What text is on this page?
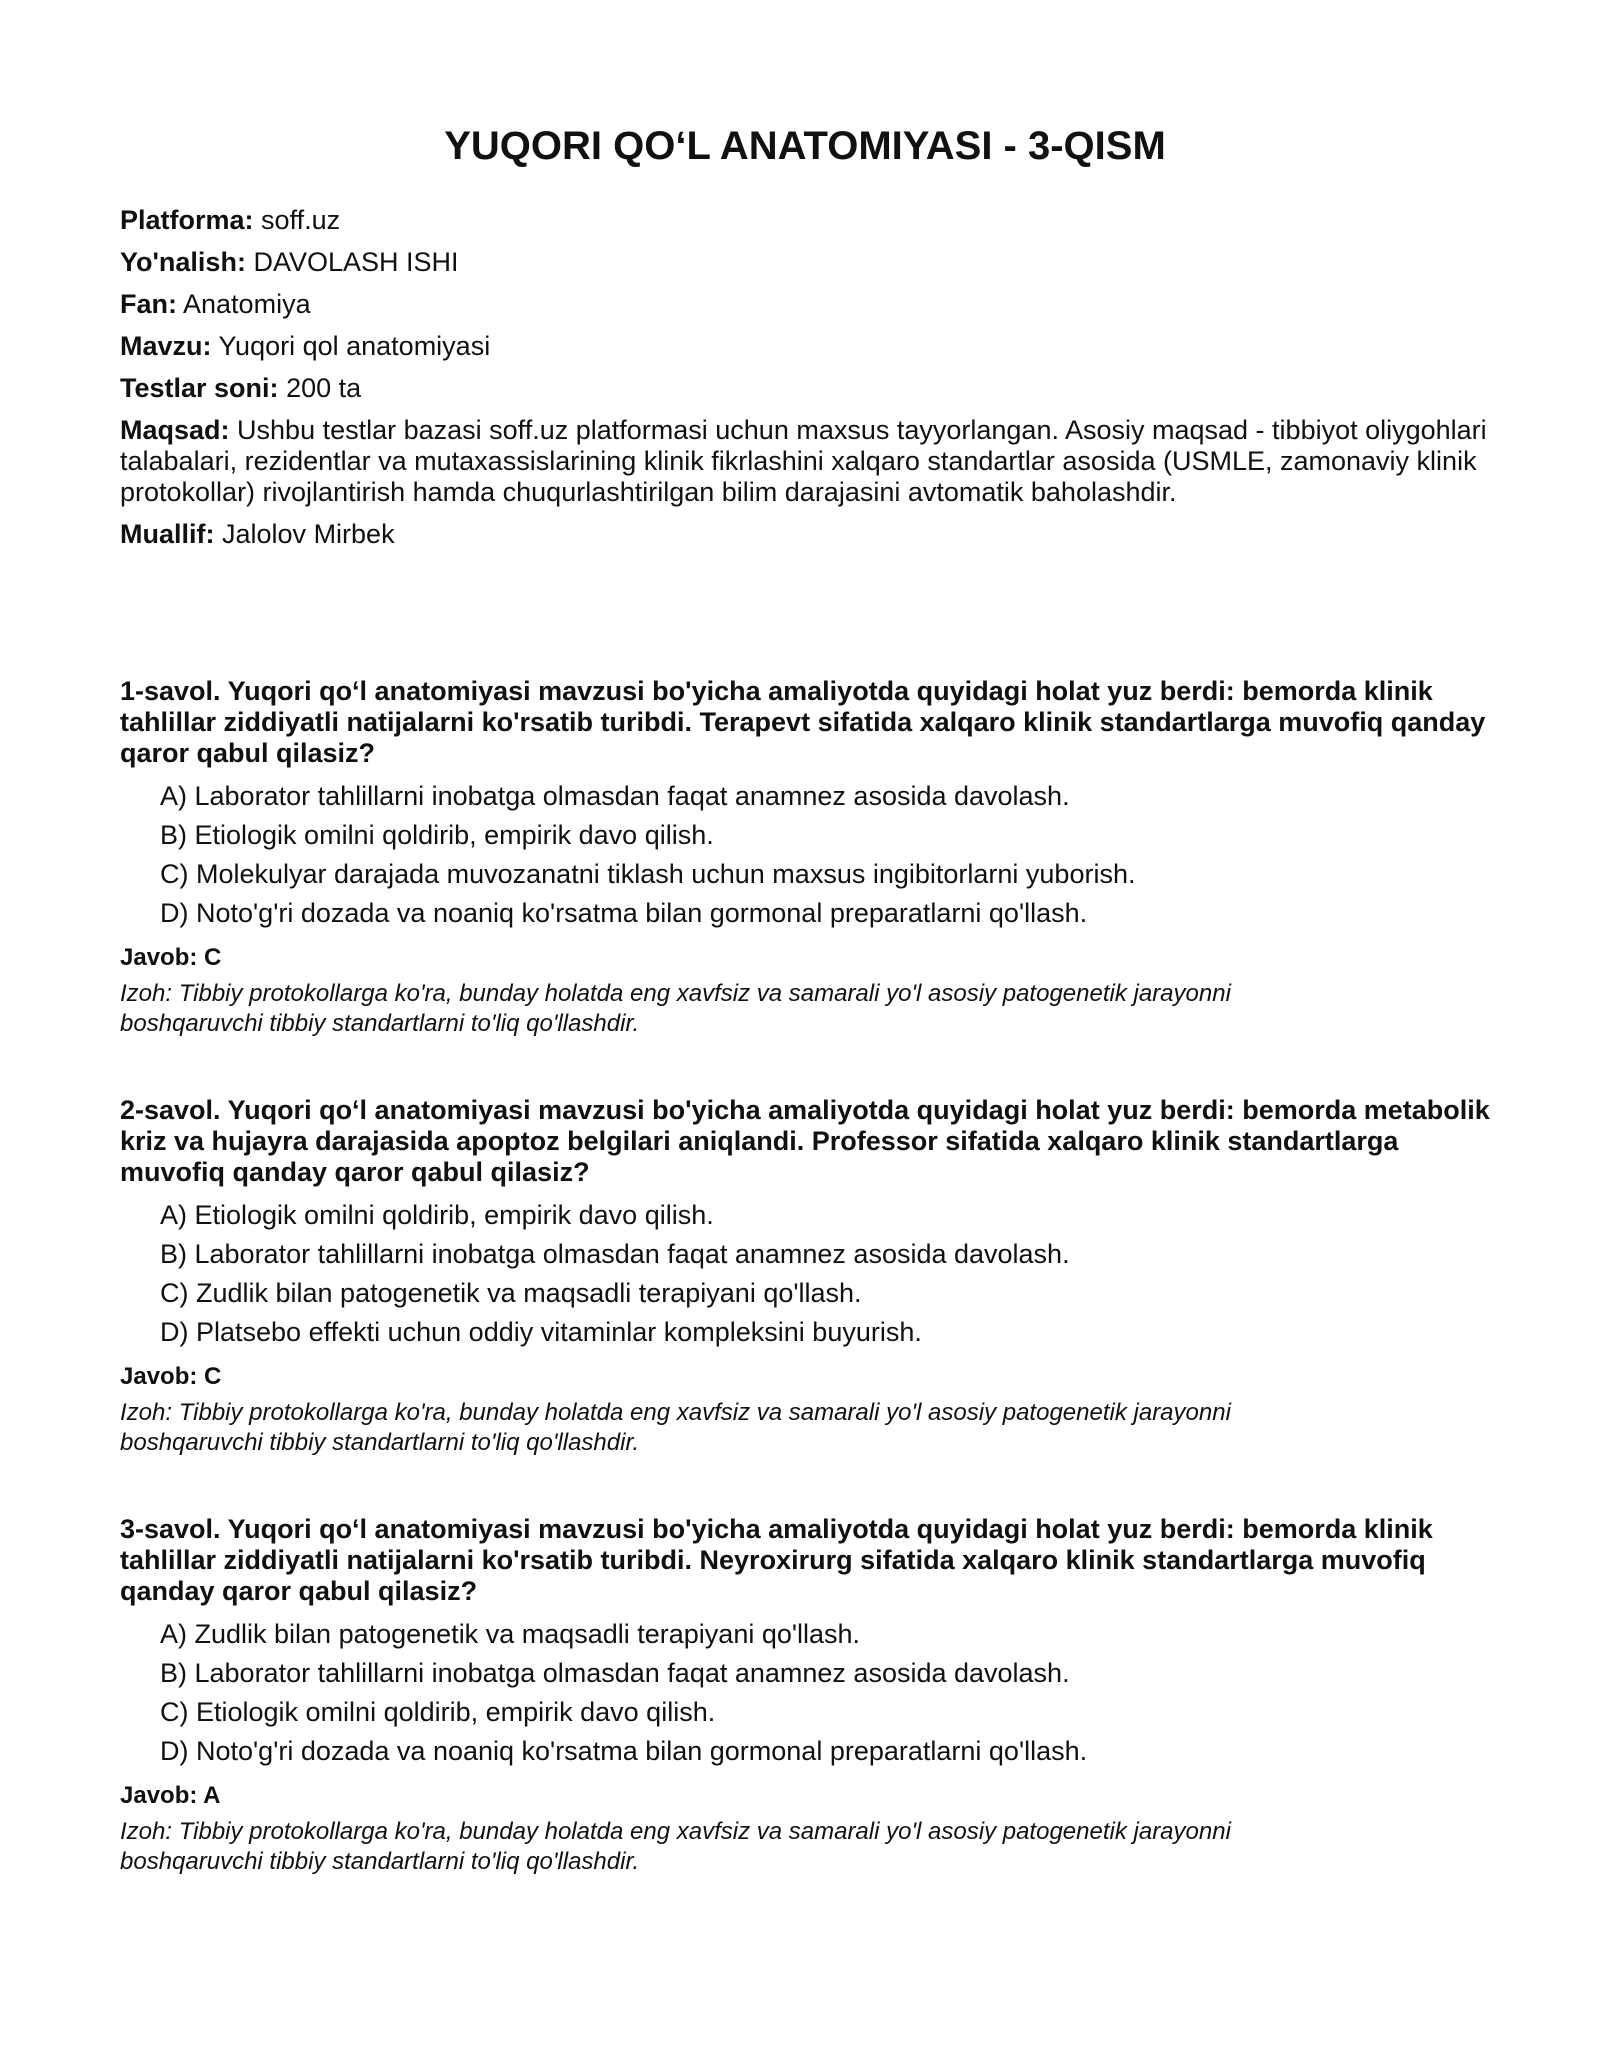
YUQORI QO‘L ANATOMIYASI - 3-QISM

Platforma: soff.uz

Yo'nalish: DAVOLASH ISHI

Fan: Anatomiya

Mavzu: Yuqori qol anatomiyasi

Testlar soni: 200 ta

Maqsad: Ushbu testlar bazasi soff.uz platformasi uchun maxsus tayyorlangan. Asosiy maqsad - tibbiyot oliygohlari talabalari, rezidentlar va mutaxassislarining klinik fikrlashini xalqaro standartlar asosida (USMLE, zamonaviy klinik protokollar) rivojlantirish hamda chuqurlashtirilgan bilim darajasini avtomatik baholashdir.

Muallif: Jalolov Mirbek

1-savol. Yuqori qo‘l anatomiyasi mavzusi bo'yicha amaliyotda quyidagi holat yuz berdi: bemorda klinik tahlillar ziddiyatli natijalarni ko'rsatib turibdi. Terapevt sifatida xalqaro klinik standartlarga muvofiq qanday qaror qabul qilasiz?

A) Laborator tahlillarni inobatga olmasdan faqat anamnez asosida davolash.
B) Etiologik omilni qoldirib, empirik davo qilish.
C) Molekulyar darajada muvozanatni tiklash uchun maxsus ingibitorlarni yuborish.
D) Noto'g'ri dozada va noaniq ko'rsatma bilan gormonal preparatlarni qo'llash.

Javob: C

Izoh: Tibbiy protokollarga ko'ra, bunday holatda eng xavfsiz va samarali yo'l asosiy patogenetik jarayonni boshqaruvchi tibbiy standartlarni to'liq qo'llashdir.

2-savol. Yuqori qo‘l anatomiyasi mavzusi bo'yicha amaliyotda quyidagi holat yuz berdi: bemorda metabolik kriz va hujayra darajasida apoptoz belgilari aniqlandi. Professor sifatida xalqaro klinik standartlarga muvofiq qanday qaror qabul qilasiz?

A) Etiologik omilni qoldirib, empirik davo qilish.
B) Laborator tahlillarni inobatga olmasdan faqat anamnez asosida davolash.
C) Zudlik bilan patogenetik va maqsadli terapiyani qo'llash.
D) Platsebo effekti uchun oddiy vitaminlar kompleksini buyurish.

Javob: C

Izoh: Tibbiy protokollarga ko'ra, bunday holatda eng xavfsiz va samarali yo'l asosiy patogenetik jarayonni boshqaruvchi tibbiy standartlarni to'liq qo'llashdir.

3-savol. Yuqori qo‘l anatomiyasi mavzusi bo'yicha amaliyotda quyidagi holat yuz berdi: bemorda klinik tahlillar ziddiyatli natijalarni ko'rsatib turibdi. Neyroxirurg sifatida xalqaro klinik standartlarga muvofiq qanday qaror qabul qilasiz?

A) Zudlik bilan patogenetik va maqsadli terapiyani qo'llash.
B) Laborator tahlillarni inobatga olmasdan faqat anamnez asosida davolash.
C) Etiologik omilni qoldirib, empirik davo qilish.
D) Noto'g'ri dozada va noaniq ko'rsatma bilan gormonal preparatlarni qo'llash.

Javob: A

Izoh: Tibbiy protokollarga ko'ra, bunday holatda eng xavfsiz va samarali yo'l asosiy patogenetik jarayonni boshqaruvchi tibbiy standartlarni to'liq qo'llashdir.
